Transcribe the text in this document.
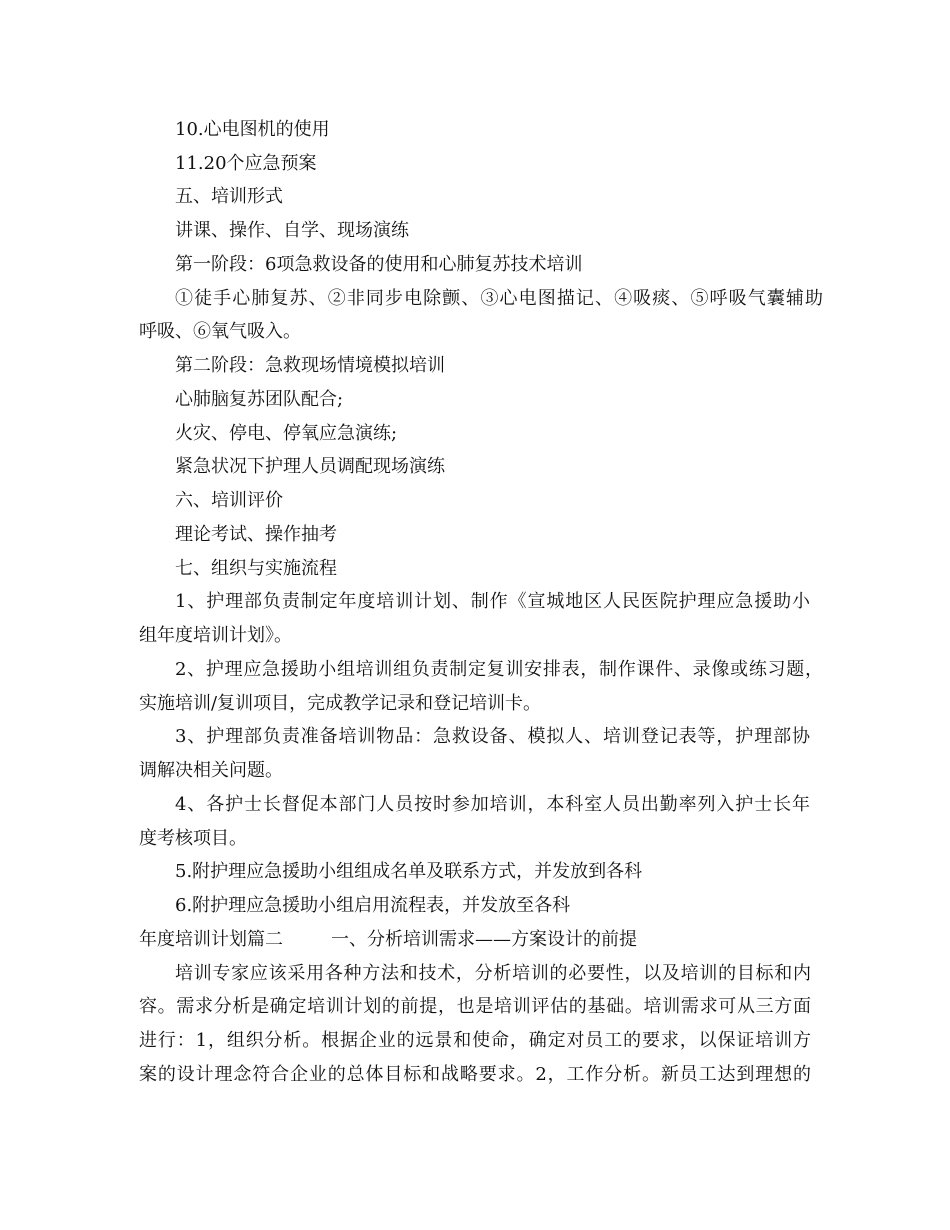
10.心电图机的使用
11.20个应急预案
五、培训形式
讲课、操作、自学、现场演练
第一阶段：6项急救设备的使用和心肺复苏技术培训
①徒手心肺复苏、②非同步电除颤、③心电图描记、④吸痰、⑤呼吸气囊辅助
呼吸、⑥氧气吸入。
第二阶段：急救现场情境模拟培训
心肺脑复苏团队配合;
火灾、停电、停氧应急演练;
紧急状况下护理人员调配现场演练
六、培训评价
理论考试、操作抽考
七、组织与实施流程
1、护理部负责制定年度培训计划、制作《宣城地区人民医院护理应急援助小
组年度培训计划》。
2、护理应急援助小组培训组负责制定复训安排表，制作课件、录像或练习题，
实施培训/复训项目，完成教学记录和登记培训卡。
3、护理部负责准备培训物品：急救设备、模拟人、培训登记表等，护理部协
调解决相关问题。
4、各护士长督促本部门人员按时参加培训，本科室人员出勤率列入护士长年
度考核项目。
5.附护理应急援助小组组成名单及联系方式，并发放到各科
6.附护理应急援助小组启用流程表，并发放至各科
年度培训计划篇二	一、分析培训需求——方案设计的前提
培训专家应该采用各种方法和技术，分析培训的必要性，以及培训的目标和内
容。需求分析是确定培训计划的前提，也是培训评估的基础。培训需求可从三方面
进行：1，组织分析。根据企业的远景和使命，确定对员工的要求，以保证培训方
案的设计理念符合企业的总体目标和战略要求。2，工作分析。新员工达到理想的
